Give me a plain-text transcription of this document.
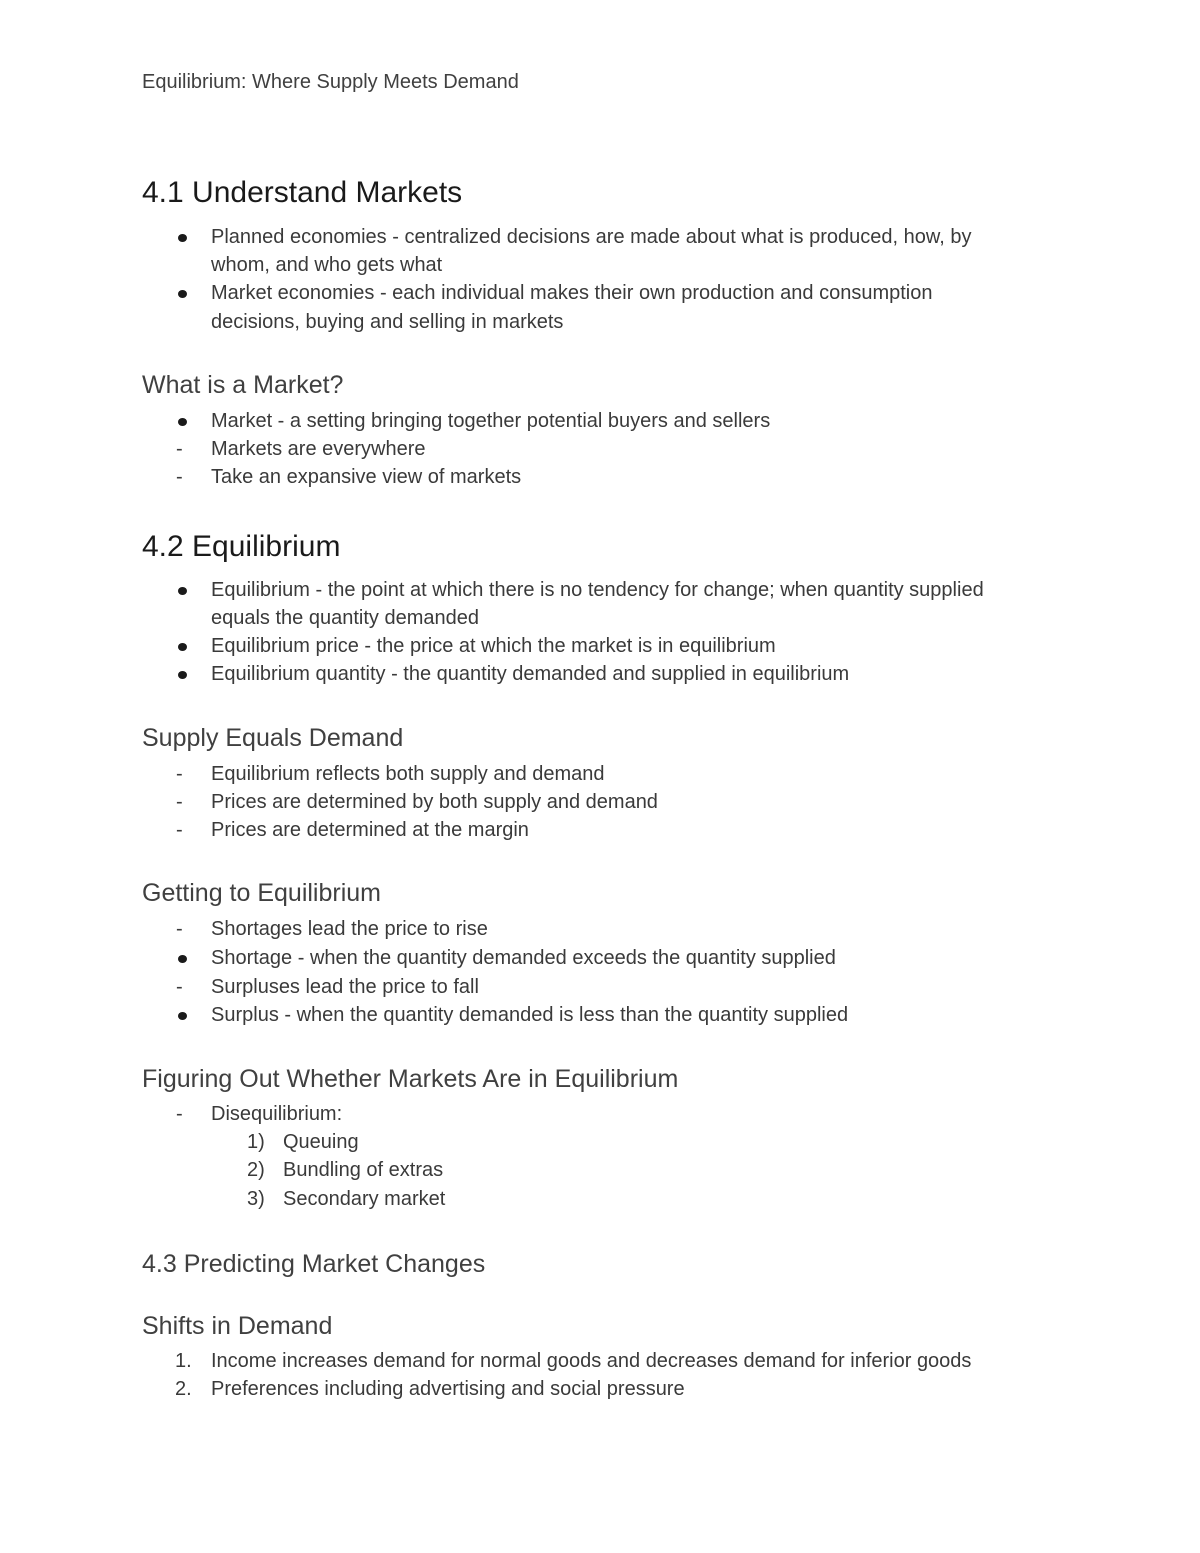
Equilibrium: Where Supply Meets Demand
4.1 Understand Markets
Planned economies - centralized decisions are made about what is produced, how, by
whom, and who gets what
Market economies - each individual makes their own production and consumption
decisions, buying and selling in markets
What is a Market?
Market - a setting bringing together potential buyers and sellers
- Markets are everywhere
- Take an expansive view of markets
4.2 Equilibrium
Equilibrium - the point at which there is no tendency for change; when quantity supplied
equals the quantity demanded
Equilibrium price - the price at which the market is in equilibrium
Equilibrium quantity - the quantity demanded and supplied in equilibrium
Supply Equals Demand
- Equilibrium reflects both supply and demand
- Prices are determined by both supply and demand
- Prices are determined at the margin
Getting to Equilibrium
- Shortages lead the price to rise
Shortage - when the quantity demanded exceeds the quantity supplied
- Surpluses lead the price to fall
Surplus - when the quantity demanded is less than the quantity supplied
Figuring Out Whether Markets Are in Equilibrium
- Disequilibrium:
1) Queuing
2) Bundling of extras
3) Secondary market
4.3 Predicting Market Changes
Shifts in Demand
1. Income increases demand for normal goods and decreases demand for inferior goods
2. Preferences including advertising and social pressure
